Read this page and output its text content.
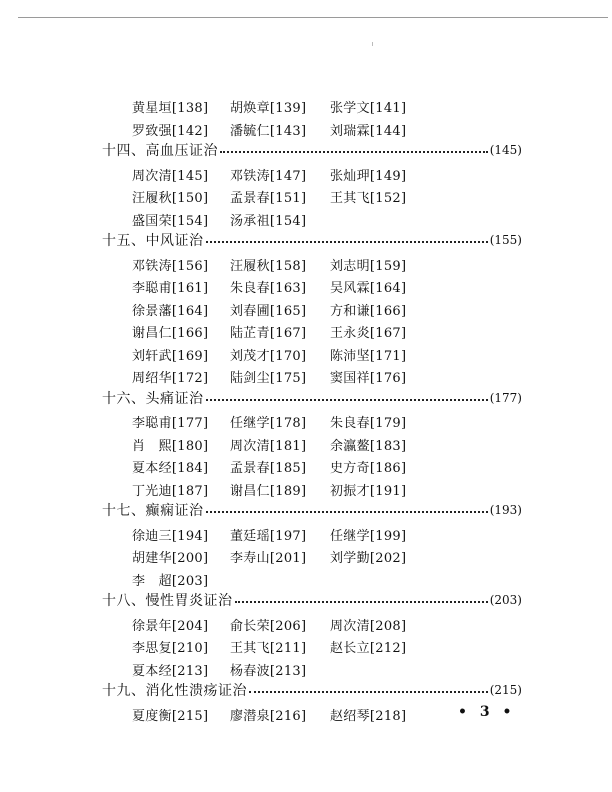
黄星垣[138] 胡焕章[139] 张学文[141]
罗致强[142] 潘毓仁[143] 刘瑞霖[144]
十四、高血压证治	(145)
周次清[145] 邓铁涛[147] 张灿玾[149]
汪履秋[150] 孟景春[151] 王其飞[152]
盛国荣[154] 汤承祖[154]
十五、中风证治	(155)
邓铁涛[156] 汪履秋[158] 刘志明[159]
李聪甫[161] 朱良春[163] 吴风霖[164]
徐景藩[164] 刘春圃[165] 方和谦[166]
谢昌仁[166] 陆芷青[167] 王永炎[167]
刘轩武[169] 刘茂才[170] 陈沛坚[171]
周绍华[172] 陆剑尘[175] 窦国祥[176]
十六、头痛证治	(177)
李聪甫[177] 任继学[178] 朱良春[179]
肖　熙[180] 周次清[181] 余瀛鳌[183]
夏本经[184] 孟景春[185] 史方奇[186]
丁光迪[187] 谢昌仁[189] 初振才[191]
十七、癫痫证治	(193)
徐迪三[194] 董廷瑶[197] 任继学[199]
胡建华[200] 李寿山[201] 刘学勤[202]
李　超[203]
十八、慢性胃炎证治	(203)
徐景年[204] 俞长荣[206] 周次清[208]
李思复[210] 王其飞[211] 赵长立[212]
夏本经[213] 杨春波[213]
十九、消化性溃疡证治	(215)
夏度衡[215] 廖潜泉[216] 赵绍琴[218]	• 3 •
